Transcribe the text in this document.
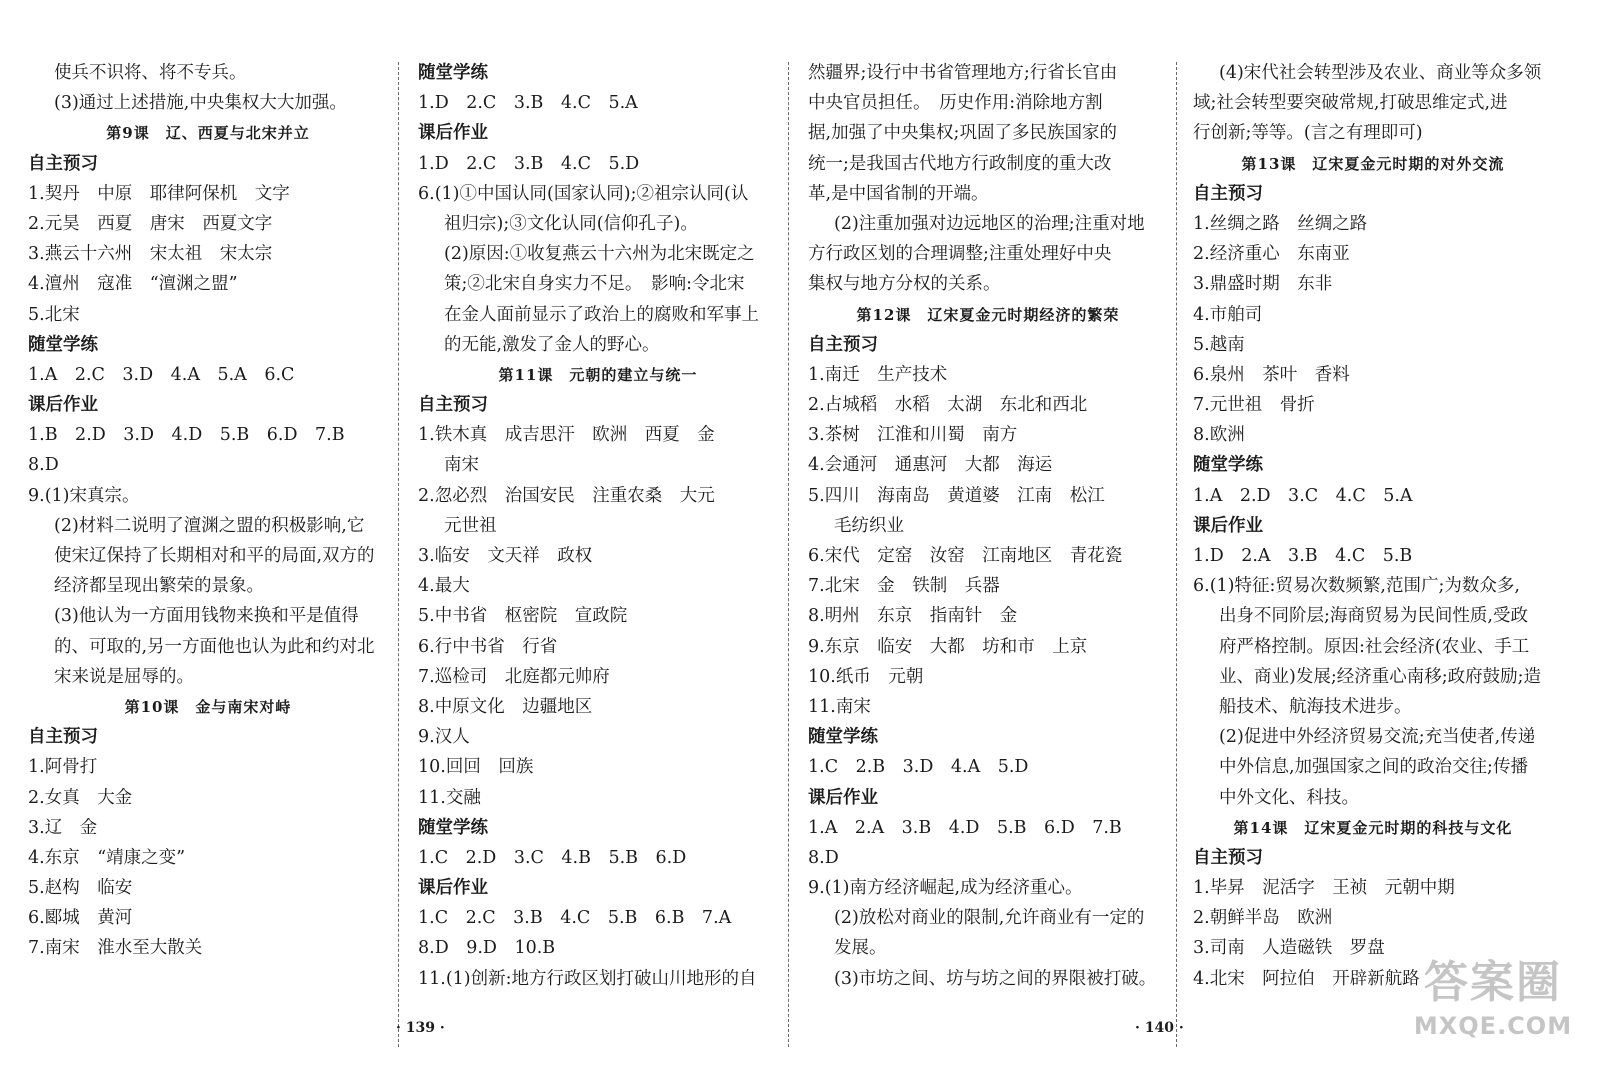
使兵不识将、将不专兵。
(3)通过上述措施,中央集权大大加强。
第9课　辽、西夏与北宋并立
自主预习
1.契丹　中原　耶律阿保机　文字
2.元昊　西夏　唐宋　西夏文字
3.燕云十六州　宋太祖　宋太宗
4.澶州　寇准　“澶渊之盟”
5.北宋
随堂学练
1.A　2.C　3.D　4.A　5.A　6.C
课后作业
1.B　2.D　3.D　4.D　5.B　6.D　7.B
8.D
9.(1)宋真宗。
(2)材料二说明了澶渊之盟的积极影响,它
使宋辽保持了长期相对和平的局面,双方的
经济都呈现出繁荣的景象。
(3)他认为一方面用钱物来换和平是值得
的、可取的,另一方面他也认为此和约对北
宋来说是屈辱的。
第10课　金与南宋对峙
自主预习
1.阿骨打
2.女真　大金
3.辽　金
4.东京　“靖康之变”
5.赵构　临安
6.郾城　黄河
7.南宋　淮水至大散关
随堂学练
1.D　2.C　3.B　4.C　5.A
课后作业
1.D　2.C　3.B　4.C　5.D
6.(1)①中国认同(国家认同);②祖宗认同(认
祖归宗);③文化认同(信仰孔子)。
(2)原因:①收复燕云十六州为北宋既定之
策;②北宋自身实力不足。　影响:令北宋
在金人面前显示了政治上的腐败和军事上
的无能,激发了金人的野心。
第11课　元朝的建立与统一
自主预习
1.铁木真　成吉思汗　欧洲　西夏　金
南宋
2.忽必烈　治国安民　注重农桑　大元
元世祖
3.临安　文天祥　政权
4.最大
5.中书省　枢密院　宣政院
6.行中书省　行省
7.巡检司　北庭都元帅府
8.中原文化　边疆地区
9.汉人
10.回回　回族
11.交融
随堂学练
1.C　2.D　3.C　4.B　5.B　6.D
课后作业
1.C　2.C　3.B　4.C　5.B　6.B　7.A
8.D　9.D　10.B
11.(1)创新:地方行政区划打破山川地形的自
然疆界;设行中书省管理地方;行省长官由
中央官员担任。　历史作用:消除地方割
据,加强了中央集权;巩固了多民族国家的
统一;是我国古代地方行政制度的重大改
革,是中国省制的开端。
(2)注重加强对边远地区的治理;注重对地
方行政区划的合理调整;注重处理好中央
集权与地方分权的关系。
第12课　辽宋夏金元时期经济的繁荣
自主预习
1.南迁　生产技术
2.占城稻　水稻　太湖　东北和西北
3.茶树　江淮和川蜀　南方
4.会通河　通惠河　大都　海运
5.四川　海南岛　黄道婆　江南　松江
毛纺织业
6.宋代　定窑　汝窑　江南地区　青花瓷
7.北宋　金　铁制　兵器
8.明州　东京　指南针　金
9.东京　临安　大都　坊和市　上京
10.纸币　元朝
11.南宋
随堂学练
1.C　2.B　3.D　4.A　5.D
课后作业
1.A　2.A　3.B　4.D　5.B　6.D　7.B
8.D
9.(1)南方经济崛起,成为经济重心。
(2)放松对商业的限制,允许商业有一定的
发展。
(3)市坊之间、坊与坊之间的界限被打破。
(4)宋代社会转型涉及农业、商业等众多领
域;社会转型要突破常规,打破思维定式,进
行创新;等等。(言之有理即可)
第13课　辽宋夏金元时期的对外交流
自主预习
1.丝绸之路　丝绸之路
2.经济重心　东南亚
3.鼎盛时期　东非
4.市舶司
5.越南
6.泉州　茶叶　香料
7.元世祖　骨折
8.欧洲
随堂学练
1.A　2.D　3.C　4.C　5.A
课后作业
1.D　2.A　3.B　4.C　5.B
6.(1)特征:贸易次数频繁,范围广;为数众多,
出身不同阶层;海商贸易为民间性质,受政
府严格控制。原因:社会经济(农业、手工
业、商业)发展;经济重心南移;政府鼓励;造
船技术、航海技术进步。
(2)促进中外经济贸易交流;充当使者,传递
中外信息,加强国家之间的政治交往;传播
中外文化、科技。
第14课　辽宋夏金元时期的科技与文化
自主预习
1.毕昇　泥活字　王祯　元朝中期
2.朝鲜半岛　欧洲
3.司南　人造磁铁　罗盘
4.北宋　阿拉伯　开辟新航路
· 139 ·	· 140 ·
答案圈
MXQE.COM
